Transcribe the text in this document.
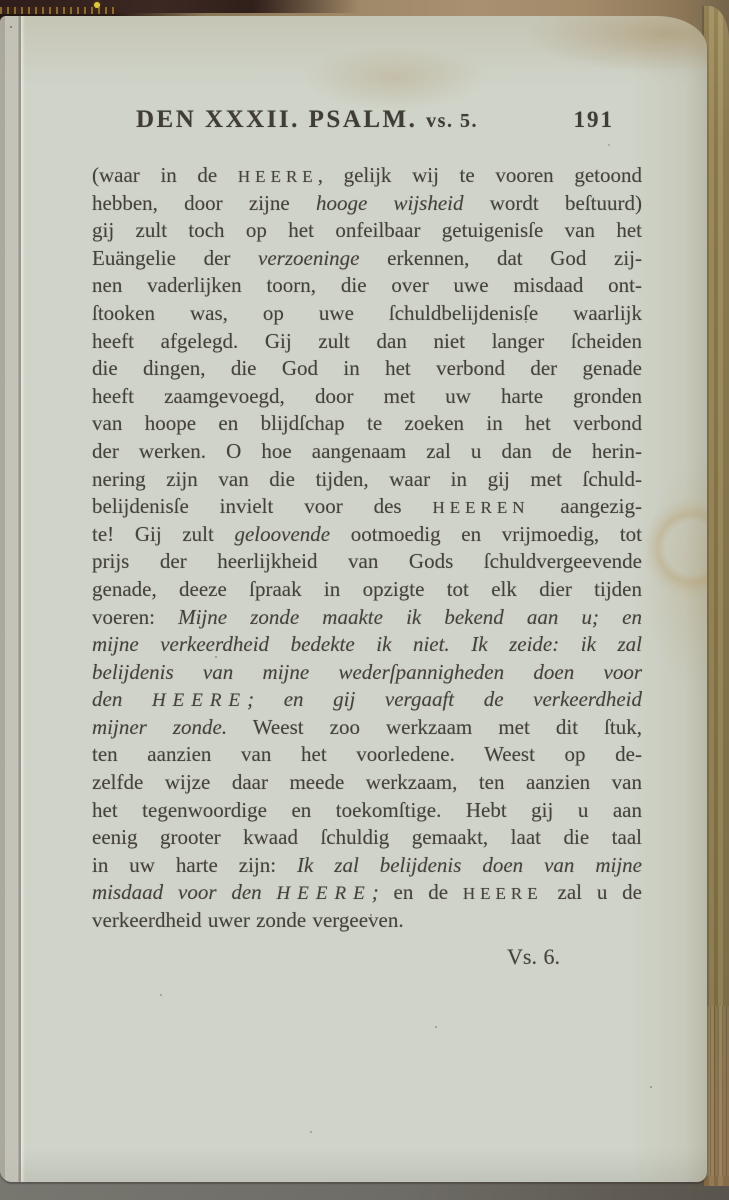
DEN XXXII. PSALM. vs. 5.	191
(waar in de HEERE, gelijk wij te vooren getoond
hebben, door zijne hooge wijsheid wordt beſtuurd)
gij zult toch op het onfeilbaar getuigenisſe van het
Euängelie der verzoeninge erkennen, dat God zij-
nen vaderlijken toorn, die over uwe misdaad ont-
ſtooken was, op uwe ſchuldbelijdenisſe waarlijk
heeft afgelegd. Gij zult dan niet langer ſcheiden
die dingen, die God in het verbond der genade
heeft zaamgevoegd, door met uw harte gronden
van hoope en blijdſchap te zoeken in het verbond
der werken. O hoe aangenaam zal u dan de herin-
nering zijn van die tijden, waar in gij met ſchuld-
belijdenisſe invielt voor des HEEREN aangezig-
te! Gij zult geloovende ootmoedig en vrijmoedig, tot
prijs der heerlijkheid van Gods ſchuldvergeevende
genade, deeze ſpraak in opzigte tot elk dier tijden
voeren: Mijne zonde maakte ik bekend aan u; en
mijne verkeerdheid bedekte ik niet. Ik zeide: ik zal
belijdenis van mijne wederſpannigheden doen voor
den HEERE; en gij vergaaft de verkeerdheid
mijner zonde. Weest zoo werkzaam met dit ſtuk,
ten aanzien van het voorledene. Weest op de-
zelfde wijze daar meede werkzaam, ten aanzien van
het tegenwoordige en toekomſtige. Hebt gij u aan
eenig grooter kwaad ſchuldig gemaakt, laat die taal
in uw harte zijn: Ik zal belijdenis doen van mijne
misdaad voor den HEERE; en de HEERE zal u de
verkeerdheid uwer zonde vergeeven.
Vs. 6.
